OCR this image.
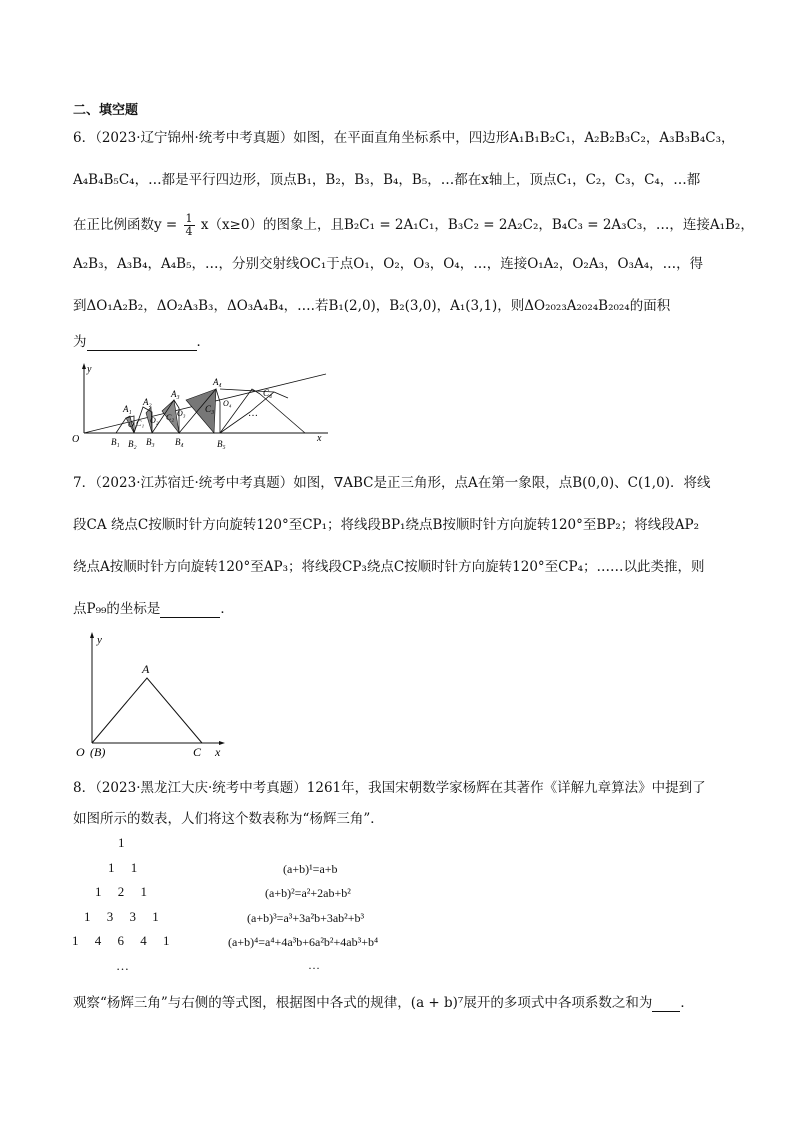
二、填空题
6．（2023·辽宁锦州·统考中考真题）如图，在平面直角坐标系中，四边形A₁B₁B₂C₁，A₂B₂B₃C₂，A₃B₃B₄C₃，
A₄B₄B₅C₄，…都是平行四边形，顶点B₁，B₂，B₃，B₄，B₅，…都在x轴上，顶点C₁，C₂，C₃，C₄，…都
在正比例函数$y = \frac{1}{4} x(x\ge 0)$的图象上，且B₂C₁ = 2A₁C₁，B₃C₂ = 2A₂C₂，B₄C₃ = 2A₃C₃，…，连接A₁B₂，
A₂B₃，A₃B₄，A₄B₅，…，分别交射线OC₁于点O₁，O₂，O₃，O₄，…，连接O₁A₂，O₂A₃，O₃A₄，…，得
到ΔO₁A₂B₂，ΔO₂A₃B₃，ΔO₃A₄B₄，….若B₁(2,0)，B₂(3,0)，A₁(3,1)，则ΔO₂₀₂₃A₂₀₂₄B₂₀₂₄的面积
为	．
y
x
O
A₁
A₂
A₃
A₄
B₁ B₂ B₃ B₄	B₅
C₁
C₂
C₃
C₄
O₁ O₂
O₃
O₄
…
7．（2023·江苏宿迁·统考中考真题）如图，∇ABC是正三角形，点A在第一象限，点B(0,0)、C(1,0)．将线
段CA 绕点C按顺时针方向旋转120°至CP₁；将线段BP₁绕点B按顺时针方向旋转120°至BP₂；将线段AP₂
绕点A按顺时针方向旋转120°至AP₃；将线段CP₃绕点C按顺时针方向旋转120°至CP₄；……以此类推，则
点P₉₉的坐标是	．
y
x
A
O (B)	C
8．（2023·黑龙江大庆·统考中考真题）1261年，我国宋朝数学家杨辉在其著作《详解九章算法》中提到了
如图所示的数表，人们将这个数表称为“杨辉三角”．
1
1     1
1     2     1
1     3     3     1
1     4     6     4     1
…
(a+b)¹=a+b
(a+b)²=a²+2ab+b²
(a+b)³=a³+3a²b+3ab²+b³
(a+b)⁴=a⁴+4a³b+6a²b²+4ab³+b⁴
…
观察“杨辉三角”与右侧的等式图，根据图中各式的规律，(a + b)⁷展开的多项式中各项系数之和为 ．
